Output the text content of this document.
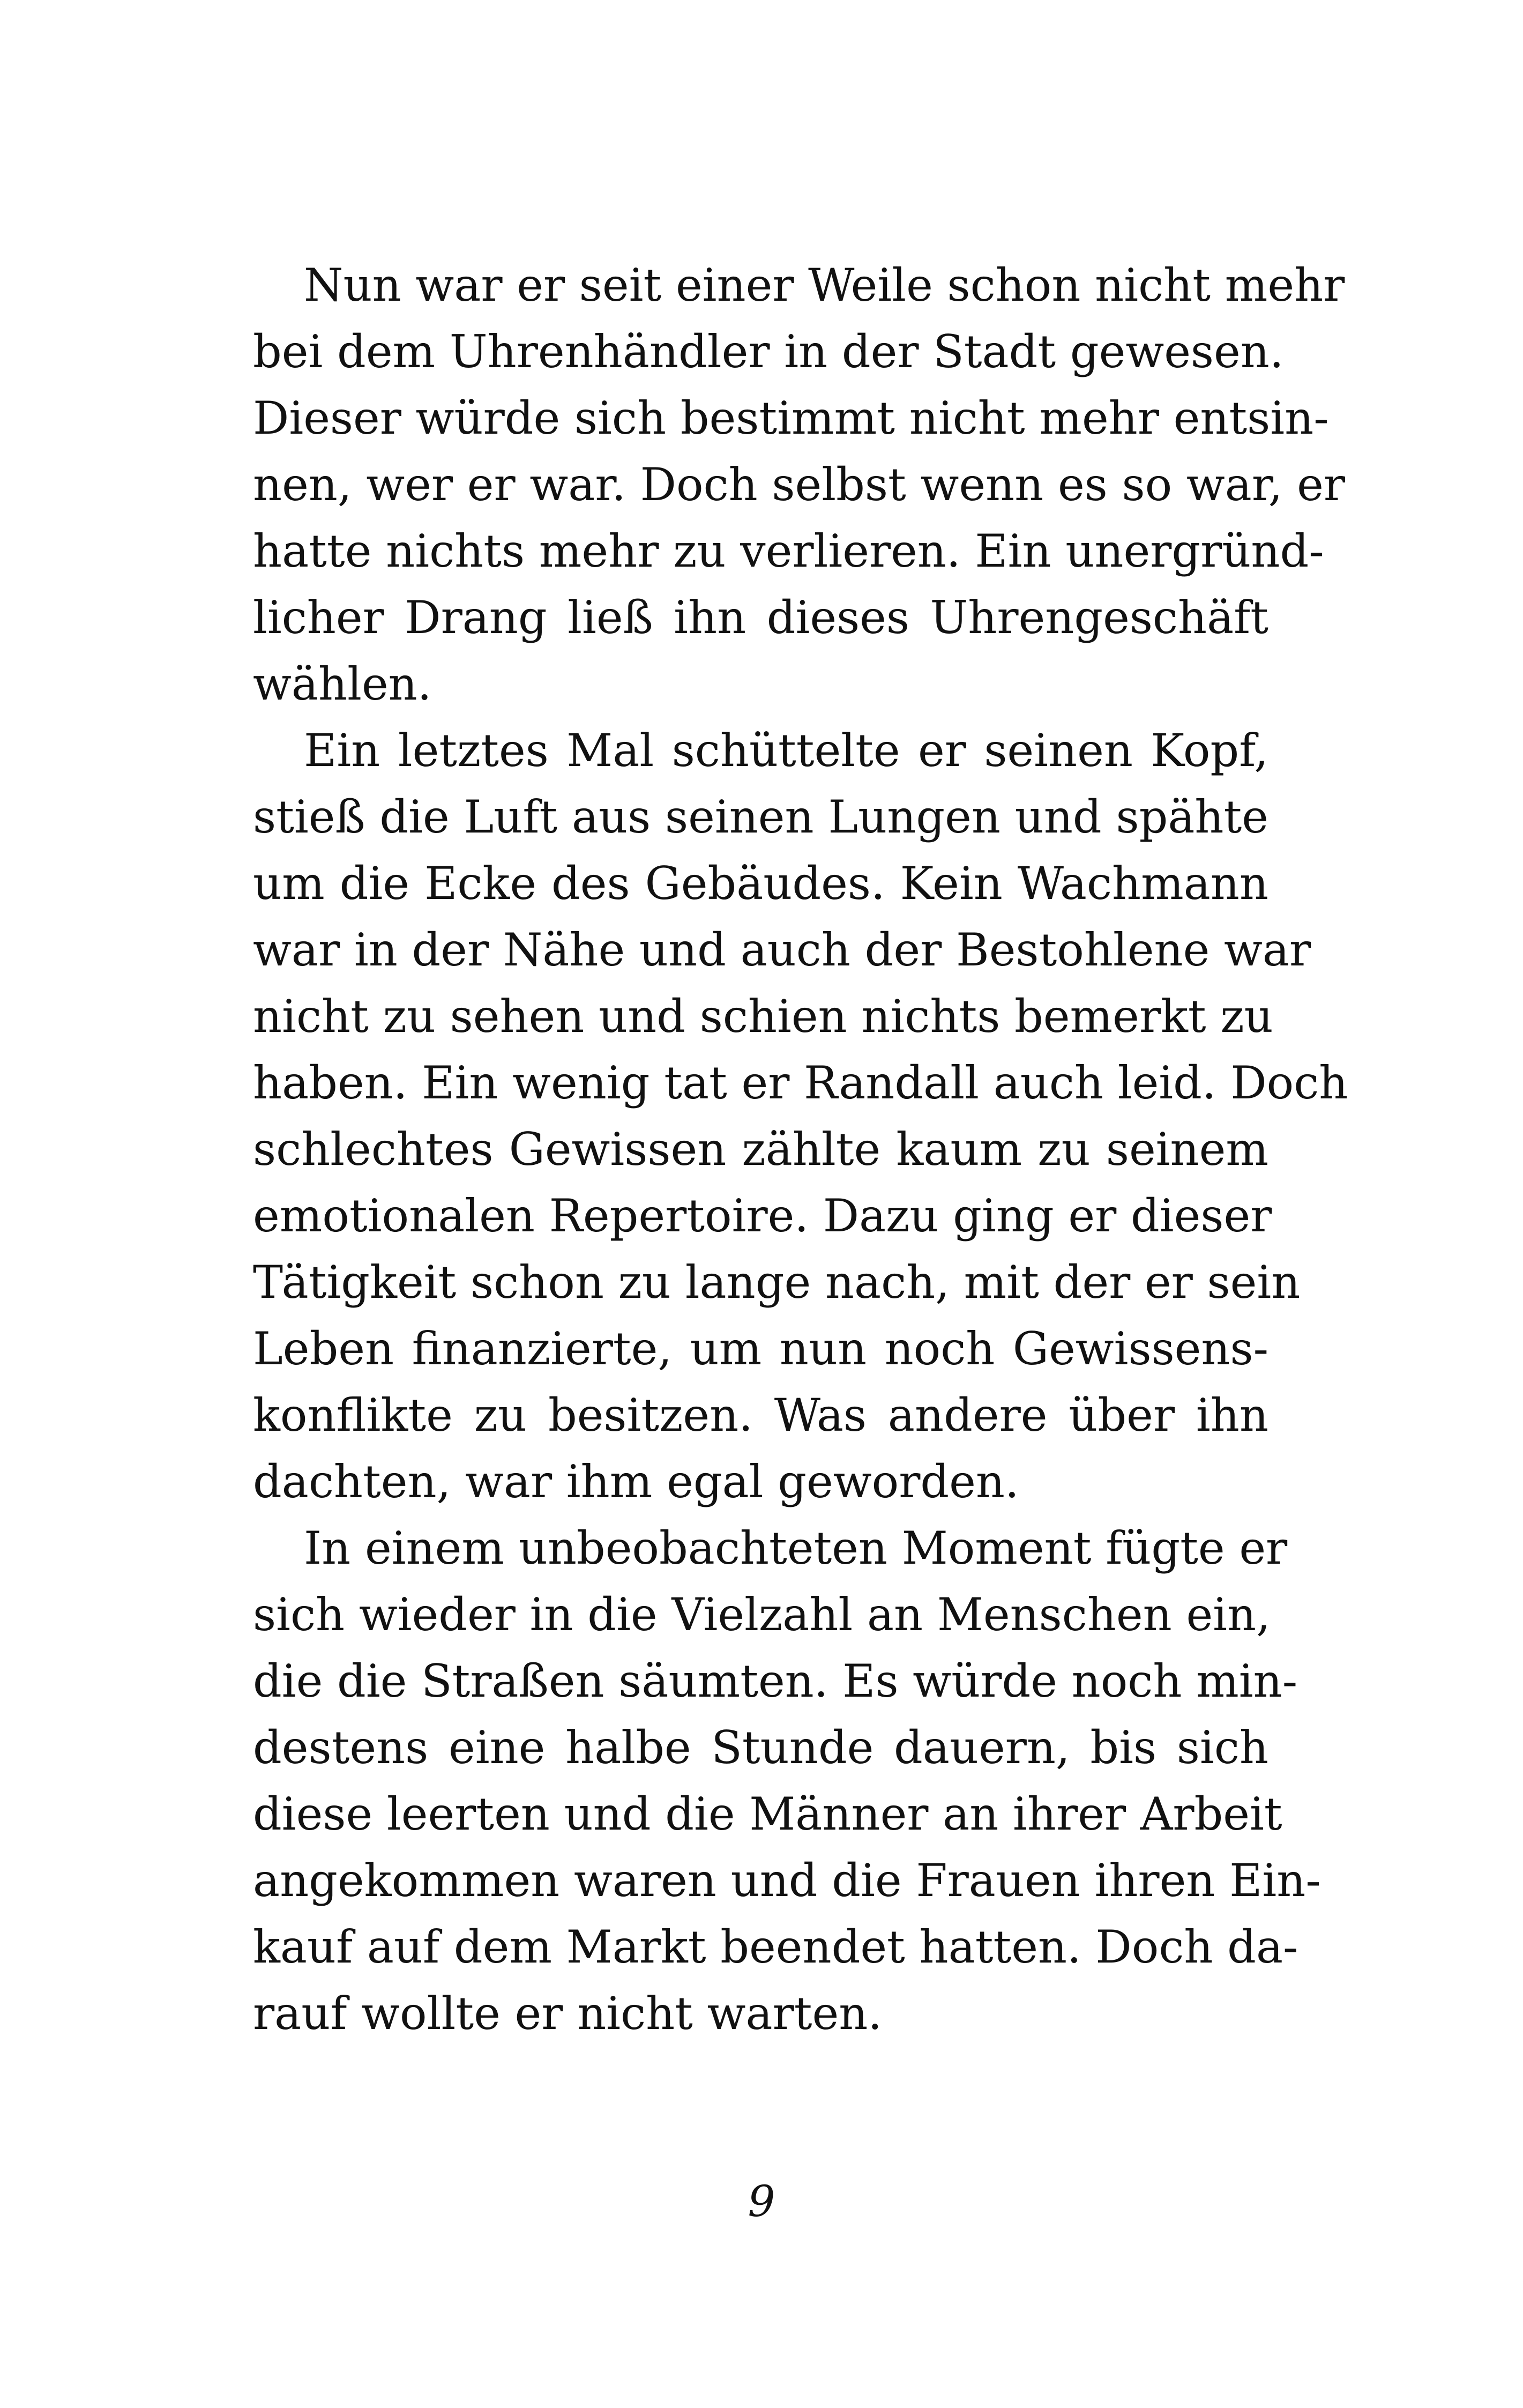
Nun war er seit einer Weile schon nicht mehr
bei dem Uhrenhändler in der Stadt gewesen.
Dieser würde sich bestimmt nicht mehr entsin-
nen, wer er war. Doch selbst wenn es so war, er
hatte nichts mehr zu verlieren. Ein unergründ-
licher Drang ließ ihn dieses Uhrengeschäft
wählen.

Ein letztes Mal schüttelte er seinen Kopf,
stieß die Luft aus seinen Lungen und spähte
um die Ecke des Gebäudes. Kein Wachmann
war in der Nähe und auch der Bestohlene war
nicht zu sehen und schien nichts bemerkt zu
haben. Ein wenig tat er Randall auch leid. Doch
schlechtes Gewissen zählte kaum zu seinem
emotionalen Repertoire. Dazu ging er dieser
Tätigkeit schon zu lange nach, mit der er sein
Leben finanzierte, um nun noch Gewissens-
konflikte zu besitzen. Was andere über ihn
dachten, war ihm egal geworden.

In einem unbeobachteten Moment fügte er
sich wieder in die Vielzahl an Menschen ein,
die die Straßen säumten. Es würde noch min-
destens eine halbe Stunde dauern, bis sich
diese leerten und die Männer an ihrer Arbeit
angekommen waren und die Frauen ihren Ein-
kauf auf dem Markt beendet hatten. Doch da-
rauf wollte er nicht warten.

9
